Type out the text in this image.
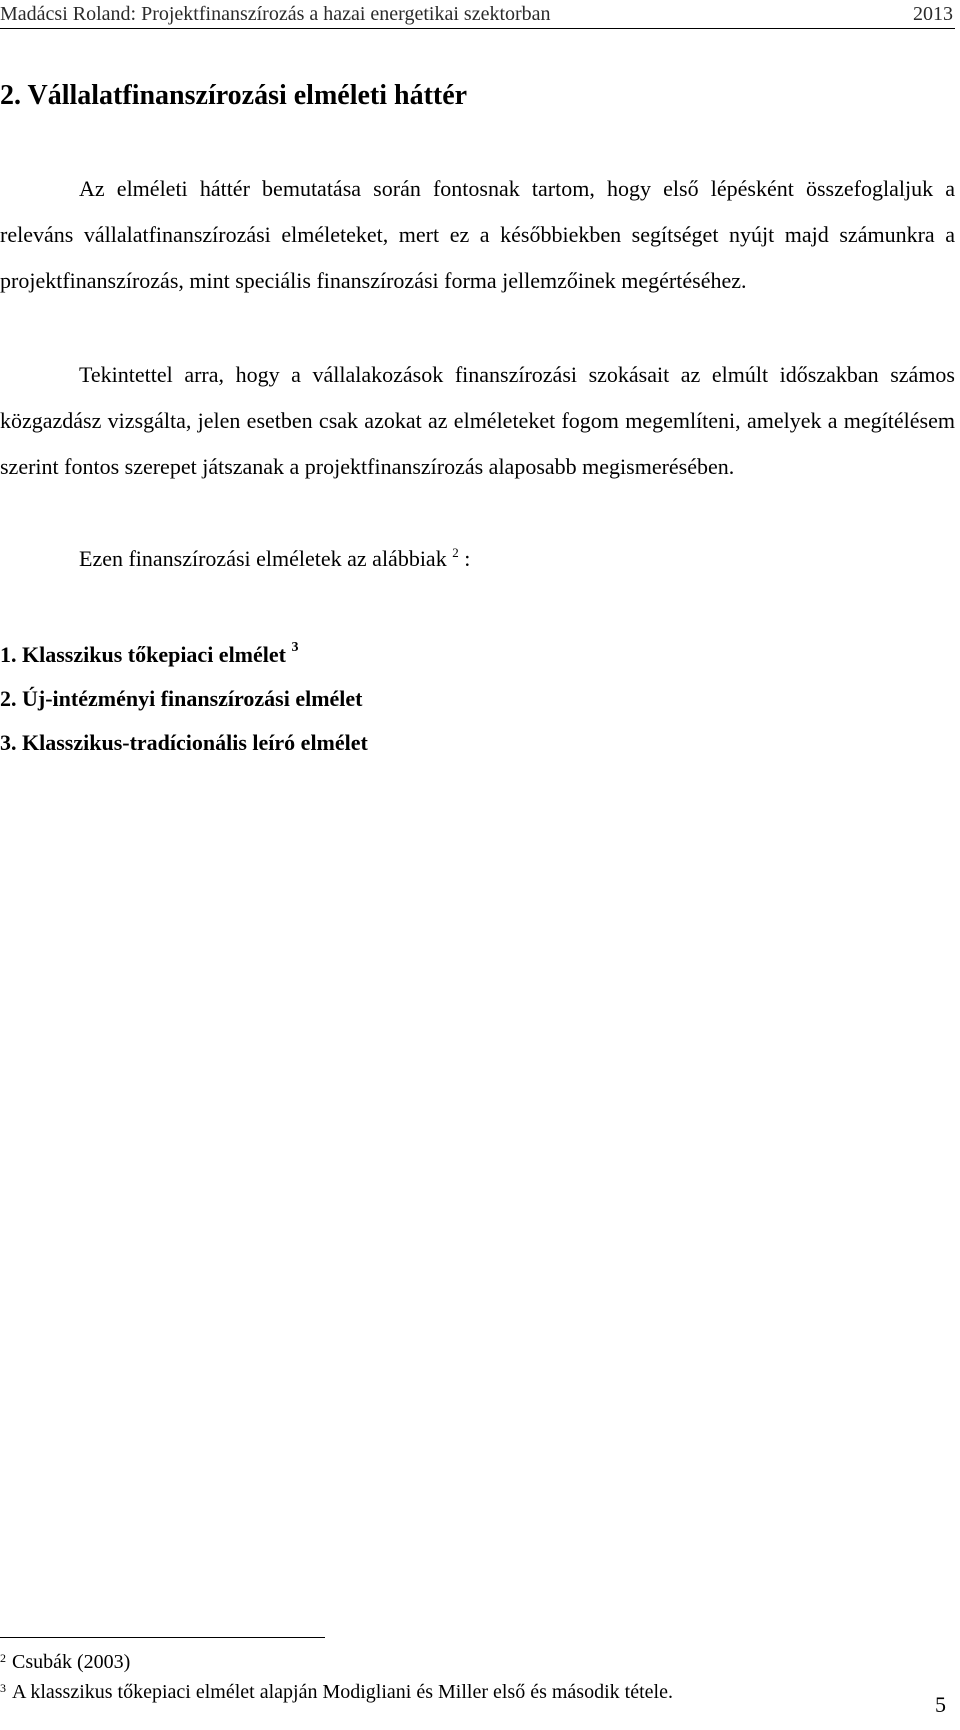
Madácsi Roland: Projektfinanszírozás a hazai energetikai szektorban	2013
2. Vállalatfinanszírozási elméleti háttér

Az elméleti háttér bemutatása során fontosnak tartom, hogy első lépésként összefoglaljuk a releváns vállalatfinanszírozási elméleteket, mert ez a későbbiekben segítséget nyújt majd számunkra a projektfinanszírozás, mint speciális finanszírozási forma jellemzőinek megértéséhez.

Tekintettel arra, hogy a vállalakozások finanszírozási szokásait az elmúlt időszakban számos közgazdász vizsgálta, jelen esetben csak azokat az elméleteket fogom megemlíteni, amelyek a megítélésem szerint fontos szerepet játszanak a projektfinanszírozás alaposabb megismerésében.

Ezen finanszírozási elméletek az alábbiak $^2$ :

1. Klasszikus tőkepiaci elmélet $^3$
2. Új-intézményi finanszírozási elmélet
3. Klasszikus-tradícionális leíró elmélet
$^2$ Csubák (2003)
$^3$ A klasszikus tőkepiaci elmélet alapján Modigliani és Miller első és második tétele.	5
